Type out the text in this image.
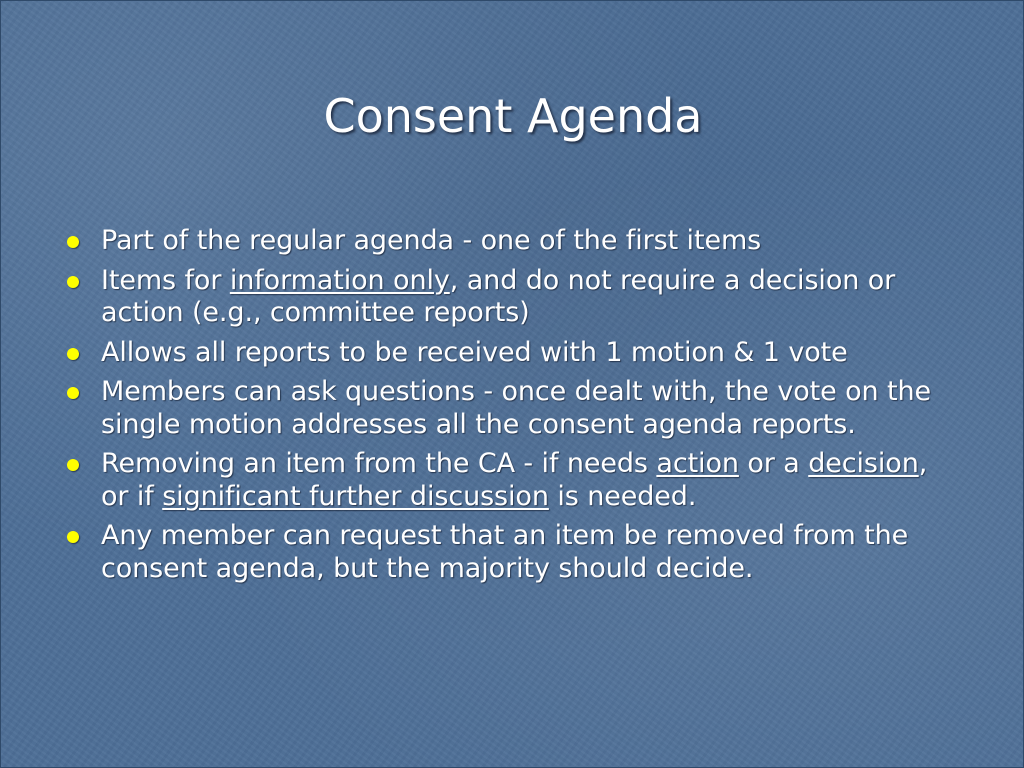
Consent Agenda
Part of the regular agenda - one of the first items
Items for information only, and do not require a decision or action (e.g., committee reports)
Allows all reports to be received with 1 motion & 1 vote
Members can ask questions - once dealt with, the vote on the single motion addresses all the consent agenda reports.
Removing an item from the CA - if needs action or a decision, or if significant further discussion is needed.
Any member can request that an item be removed from the consent agenda, but the majority should decide.
